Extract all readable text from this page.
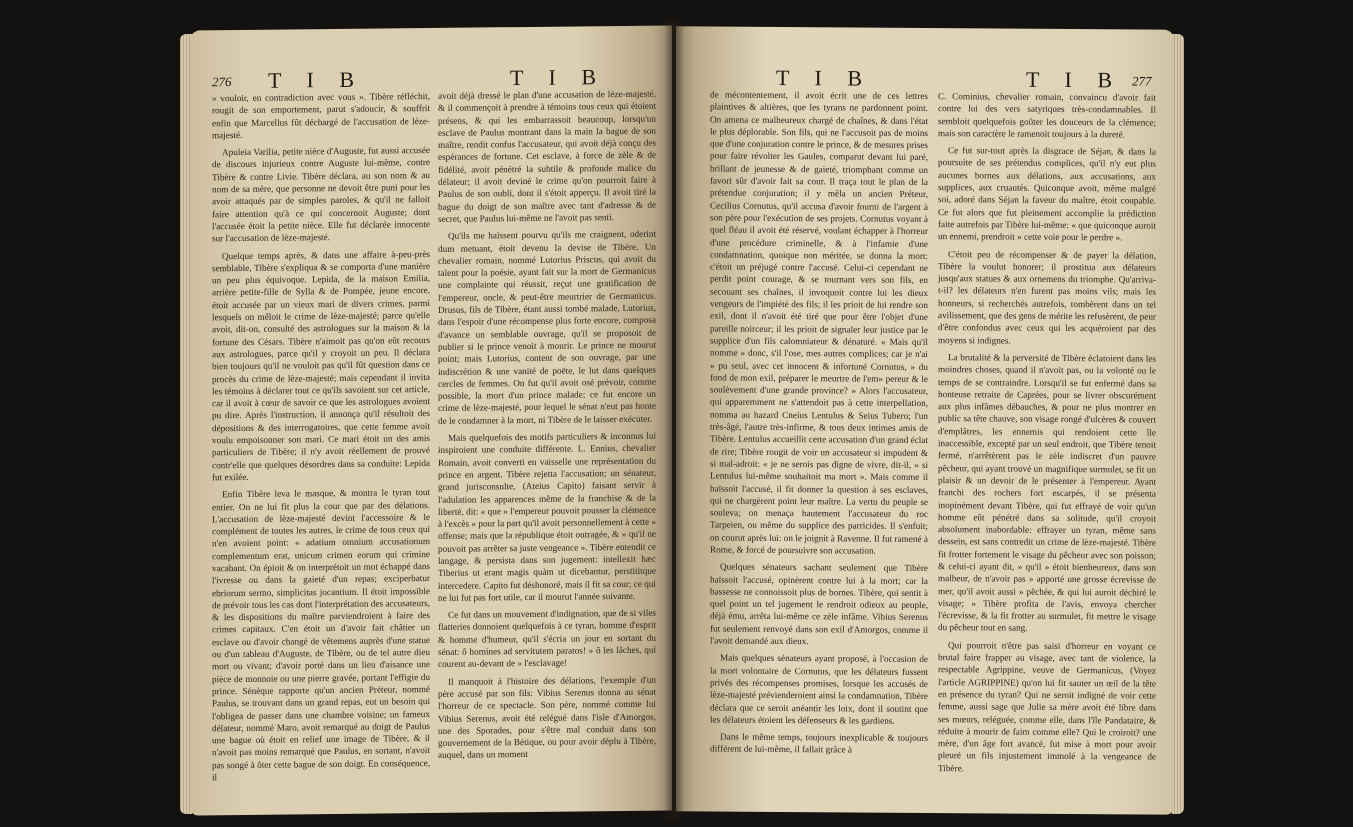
276 T I B	T I B

» vouloir, en contradiction avec vous ». Tibère réfléchit, rougit de son emportement, parut s'adoucir, & souffrit enfin que Marcellus fût déchargé de l'accusation de lèze-majesté.

Apuleia Varilia, petite nièce d'Auguste, fut aussi accusée de discours injurieux contre Auguste lui-même, contre Tibère & contre Livie. Tibère déclara, au son nom & au nom de sa mère, que personne ne devoit être puni pour les avoir attaqués par de simples paroles, & qu'il ne falloit faire attention qu'à ce qui concernoit Auguste; dont l'accusée étoit la petite nièce. Elle fut déclarée innocente sur l'accusation de lèze-majesté.

Quelque temps après, & dans une affaire à-peu-près semblable, Tibère s'expliqua & se comporta d'une manière un peu plus équivoque. Lepida, de la maison Emilia, arrière petite-fille de Sylla & de Pompée, jeune encore, étoit accusée par un vieux mari de divers crimes, parmi lesquels on mêloit le crime de lèze-majesté; parce qu'elle avoit, dit-on, consulté des astrologues sur la maison & la fortune des Césars. Tibère n'aimoit pas qu'on eût recours aux astrologues, parce qu'il y croyoit un peu. Il déclara bien toujours qu'il ne vouloit pas qu'il fût question dans ce procès du crime de lèze-majesté; mais cependant il invita les témoins à déclarer tout ce qu'ils savoient sur cet article, car il avoit à cœur de savoir ce que les astrologues avoient pu dire. Après l'instruction, il annonça qu'il résultoit des dépositions & des interrogatoires, que cette femme avoit voulu empoisonner son mari. Ce mari étoit un des amis particuliers de Tibère; il n'y avoit réellement de prouvé contr'elle que quelques désordres dans sa conduite: Lepida fut exilée.

Enfin Tibère leva le masque, & montra le tyran tout entier. On ne lui fit plus la cour que par des délations. L'accusation de lèze-majesté devint l'accessoire & le complément de toutes les autres, le crime de tous ceux qui n'en avoient point: « adatium omnium accusationum complementum erat, unicum crimen eorum qui crimine vacabant. On épioit & on interprétoit un mot échappé dans l'ivresse ou dans la gaieté d'un repas; exciperbatur ebriorum sermo, simplicitas jocantium. Il étoit impossible de prévoir tous les cas dont l'interprétation des accusateurs, & les dispositions du maître parviendroient à faire des crimes capitaux. C'en étoit un d'avoir fait châtier un esclave ou d'avoir changé de vêtemens auprès d'une statue ou d'un tableau d'Auguste, de Tibère, ou de tel autre dieu mort ou vivant; d'avoir porté dans un lieu d'aisance une pièce de monnoie ou une pierre gravée, portant l'effigie du prince. Sénèque rapporte qu'un ancien Préteur, nommé Paulus, se trouvant dans un grand repas, eut un besoin qui l'obligea de passer dans une chambre voisine; un fameux délateur, nommé Maro, avoit remarqué au doigt de Paulus une bague où étoit en relief une image de Tibère, & il n'avoit pas moins remarqué que Paulus, en sortant, n'avoit pas songé à ôter cette bague de son doigt. En conséquence, il

avoit déjà dressé le plan d'une accusation de lèze-majesté, & il commençoit à prendre à témoins tous ceux qui étoient présens, & qui les embarrassoit beaucoup, lorsqu'un esclave de Paulus montrant dans la main la bague de son maître, rendit confus l'accusateur, qui avoit déjà conçu des espérances de fortune. Cet esclave, à force de zèle & de fidélité, avoit pénétré la subtile & profonde malice du délateur; il avoit deviné le crime qu'on pourroit faire à Paulus de son oubli, dont il s'étoit apperçu. Il avoit tiré la bague du doigt de son maître avec tant d'adresse & de secret, que Paulus lui-même ne l'avoit pas senti.

Qu'ils me haïssent pourvu qu'ils me craignent, oderint dum metuant, étoit devenu la devise de Tibère. Un chevalier romain, nommé Lutorius Priscus, qui avoit du talent pour la poésie, ayant fait sur la mort de Germanicus une complainte qui réussit, reçut une gratification de l'empereur, oncle, & peut-être meurtrier de Germanicus. Drusus, fils de Tibère, étant aussi tombé malade, Lutorius, dans l'espoir d'une récompense plus forte encore, composa d'avance un semblable ouvrage, qu'il se proposoit de publier si le prince venoit à mourir. Le prince ne mourut point; mais Lutorius, content de son ouvrage, par une indiscrétion & une vanité de poëte, le lut dans quelques cercles de femmes. On fut qu'il avoit osé prévoir, comme possible, la mort d'un prince malade; ce fut encore un crime de lèze-majesté, pour lequel le sénat n'eut pas honte de le condamner à la mort, ni Tibère de le laisser exécuter.

Mais quelquefois des motifs particuliers & inconnus lui inspiroient une conduite différente. L. Ennius, chevalier Romain, avoit converti en vaisselle une représentation du prince en argent. Tibère rejetta l'accusation; un sénateur, grand jurisconsulte, (Ateius Capito) faisant servir à l'adulation les apparences même de la franchise & de la liberté, dit: « que » l'empereur pouvoit pousser la clémence à l'excès » pour la part qu'il avoit personnellement à cette » offense; mais que la république étoit outragée, & » qu'il ne pouvoit pas arrêter sa juste vengeance ». Tibère entendit ce langage, & persista dans son jugement: intellexit hæc Tiberius ut erant magis quàm ut dicebantur, perstititque intercedere. Capito fut déshonoré, mais il fit sa cour; ce qui ne lui fut pas fort utile, car il mourut l'année suivante.

Ce fut dans un mouvement d'indignation, que de si viles flatteries donnoient quelquefois à ce tyran, homme d'esprit & homme d'humeur, qu'il s'écria un jour en sortant du sénat: ô homines ad servitutem paratos! » ô les lâches, qui courent au-devant de » l'esclavage!

Il manquoit à l'histoire des délations, l'exemple d'un père accusé par son fils: Vibius Serenus donna au sénat l'horreur de ce spectacle. Son père, nommé comme lui Vibius Serenus, avoit été relégué dans l'isle d'Amorgos, une des Sporades, pour s'être mal conduit dans son gouvernement de la Bétique, ou pour avoir déplu à Tibère, auquel, dans un moment

T I B	T I B 277

de mécontentement, il avoit écrit une de ces lettres plaintives & altières, que les tyrans ne pardonnent point. On amena ce malheureux chargé de chaînes, & dans l'état le plus déplorable. Son fils, qui ne l'accusoit pas de moins que d'une conjuration contre le prince, & de mesures prises pour faire révolter les Gaules, comparut devant lui paré, brillant de jeunesse & de gaieté, triomphant comme un favori sûr d'avoir fait sa cour. Il traça tout le plan de la prétendue conjuration; il y mêla un ancien Préteur, Cecilius Cornutus, qu'il accusa d'avoir fourni de l'argent à son père pour l'exécution de ses projets. Cornutus voyant à quel fléau il avoit été réservé, voulant échapper à l'horreur d'une procédure criminelle, & à l'infamie d'une condamnation, quoique non méritée, se donna la mort: c'étoit un préjugé contre l'accusé. Celui-ci cependant ne perdit point courage, & se tournant vers son fils, en secouant ses chaînes, il invoquoit contre lui les dieux vengeurs de l'impiété des fils; il les prioit de lui rendre son exil, dont il n'avoit été tiré que pour être l'objet d'une pareille noirceur; il les prioit de signaler leur justice par le supplice d'un fils calomniateur & dénaturé. « Mais qu'il nomme » donc, s'il l'ose, mes autres complices; car je n'ai » pu seul, avec cet innocent & infortuné Cornutus, » du fond de mon exil, préparer le meurtre de l'em» pereur & le soulèvement d'une grande province? » Alors l'accusateur, qui apparemment ne s'attendoit pas à cette interpellation, nomma au hazard Cneius Lentulus & Seius Tubero; l'un très-âgé, l'autre très-infirme, & tous deux intimes amis de Tibère. Lentulus accueillit cette accusation d'un grand éclat de rire; Tibère rougit de voir un accusateur si impudent & si mal-adroit: « je ne serois pas digne de vivre, dit-il, » si Lentulus lui-même souhaitoit ma mort ». Mais comme il haïssoit l'accusé, il fit donner la question à ses esclaves, qui ne chargèrent point leur maître. La vertu du peuple se souleva; on menaça hautement l'accusateur du roc Tarpeien, ou même du supplice des parricides. Il s'enfuit; on courut après lui: on le joignit à Ravenne. Il fut ramené à Rome, & forcé de poursuivre son accusation.

Quelques sénateurs sachant seulement que Tibère haïssoit l'accusé, opinèrent contre lui à la mort; car la bassesse ne connoissoit plus de bornes. Tibère, qui sentit à quel point un tel jugement le rendroit odieux au peuple, déjà ému, arrêta lui-même ce zèle infâme. Vibius Serenus fut seulement renvoyé dans son exil d'Amorgos, comme il l'avoit demandé aux dieux.

Mais quelques sénateurs ayant proposé, à l'occasion de la mort volontaire de Cornutus, que les délateurs fussent privés des récompenses promises, lorsque les accusés de lèze-majesté prévienderoient ainsi la condamnation, Tibère déclara que ce seroit anéantir les loix, dont il soutint que les délateurs étoient les défenseurs & les gardiens.

Dans le même temps, toujours inexplicable & toujours différent de lui-même, il fallait grâce à

C. Cominius, chevalier romain, convaincu d'avoir fait contre lui des vers satyriques très-condamnables. Il sembloit quelquefois goûter les douceurs de la clémence; mais son caractère le ramenoit toujours à la dureté.

Ce fut sur-tout après la disgrace de Séjan, & dans la poursuite de ses prétendus complices, qu'il n'y eut plus aucunes bornes aux délations, aux accusations, aux supplices, aux cruautés. Quiconque avoit, même malgré soi, adoré dans Séjan la faveur du maître, étoit coupable. Ce fut alors que fut pleinement accomplie la prédiction faite autrefois par Tibère lui-même: « que quiconque auroit un ennemi, prendroit » cette voie pour le perdre ».

C'étoit peu de récompenser & de payer la délation, Tibère la voulut honorer; il prostitua aux délateurs jusqu'aux statues & aux ornemens du triomphe. Qu'arriva-t-il? les délateurs n'en furent pas moins vils; mais les honneurs, si recherchés autrefois, tombèrent dans un tel avilissement, que des gens de mérite les refusèrent, de peur d'être confondus avec ceux qui les acquéroient par des moyens si indignes.

La brutalité & la perversité de Tibère éclatoient dans les moindres choses, quand il n'avoit pas, ou la volonté ou le temps de se contraindre. Lorsqu'il se fut enfermé dans sa honteuse retraite de Caprées, pour se livrer obscurément aux plus infâmes débauches, & pour ne plus montrer en public sa tête chauve, son visage rongé d'ulcères & couvert d'emplâtres, les ennemis qui rendoient cette île inaccessible, excepté par un seul endroit, que Tibère tenoit fermé, n'arrêtèrent pas le zèle indiscret d'un pauvre pêcheur, qui ayant trouvé un magnifique surmulet, se fit un plaisir & un devoir de le présenter à l'empereur. Ayant franchi des rochers fort escarpés, il se présenta inopinément devant Tibère, qui fut effrayé de voir qu'un homme eût pénétré dans sa solitude, qu'il croyoit absolument inabordable: effrayer un tyran, même sans dessein, est sans contredit un crime de lèze-majesté. Tibère fit frotter fortement le visage du pêcheur avec son poisson; & celui-ci ayant dit, » qu'il » étoit bienheureux, dans son malheur, de n'avoir pas » apporté une grosse écrevisse de mer, qu'il avoit aussi » pêchée, & qui lui auroit déchiré le visage; » Tibère profita de l'avis, envoya chercher l'écrevisse, & la fit frotter au surmulet, fit mettre le visage du pêcheur tout en sang.

Qui pourroit n'être pas saisi d'horreur en voyant ce brutal faire frapper au visage, avec tant de violence, la respectable Agrippine, veuve de Germanicus, (Voyez l'article AGRIPPINE) qu'on lui fit sauter un œil de la tête en présence du tyran? Qui ne seroit indigné de voir cette femme, aussi sage que Julie sa mère avoit été libre dans ses mœurs, reléguée, comme elle, dans l'île Pandataire, & réduite à mourir de faim comme elle? Qui le croiroit? une mère, d'un âge fort avancé, fut mise à mort pour avoir pleuré un fils injustement immolé à la vengeance de Tibère.
